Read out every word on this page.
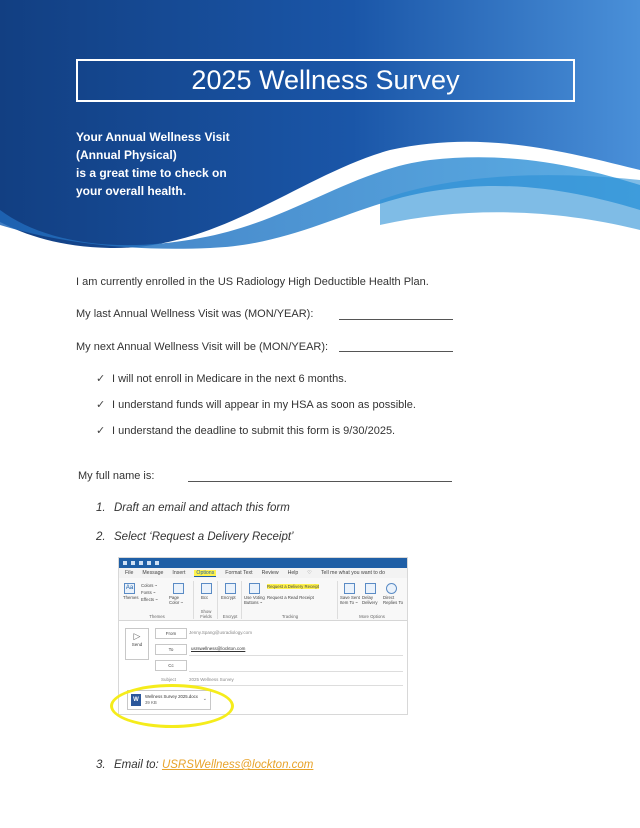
2025 Wellness Survey
Your Annual Wellness Visit
(Annual Physical)
is a great time to check on
your overall health.
I am currently enrolled in the US Radiology High Deductible Health Plan.
My last Annual Wellness Visit was (MON/YEAR):
My next Annual Wellness Visit will be (MON/YEAR):
✓ I will not enroll in Medicare in the next 6 months.
✓ I understand funds will appear in my HSA as soon as possible.
✓ I understand the deadline to submit this form is 9/30/2025.
My full name is:
1. Draft an email and attach this form
2. Select ‘Request a Delivery Receipt’
File Message Insert	Options	Format Text Review Help ♡ Tell me what you want to do
Aa
Themes
Colors ~
Fonts ~
Effects ~	Page Color ~
Themes
Bcc
Show Fields
Encrypt
Encrypt
Use Voting Buttons ~
Request a Delivery Receipt
Request a Read Receipt
Tracking
Save Sent Item To ~
Delay Delivery
Direct Replies To
More Options
▷
Send
From	Jenny.Spang@usradiology.com
To	usrswellness@lockton.com
Cc
Subject	2025 Wellness Survey
W
Wellness Survey 2025.docx
39 KB
⌄
3. Email to: USRSWellness@lockton.com
